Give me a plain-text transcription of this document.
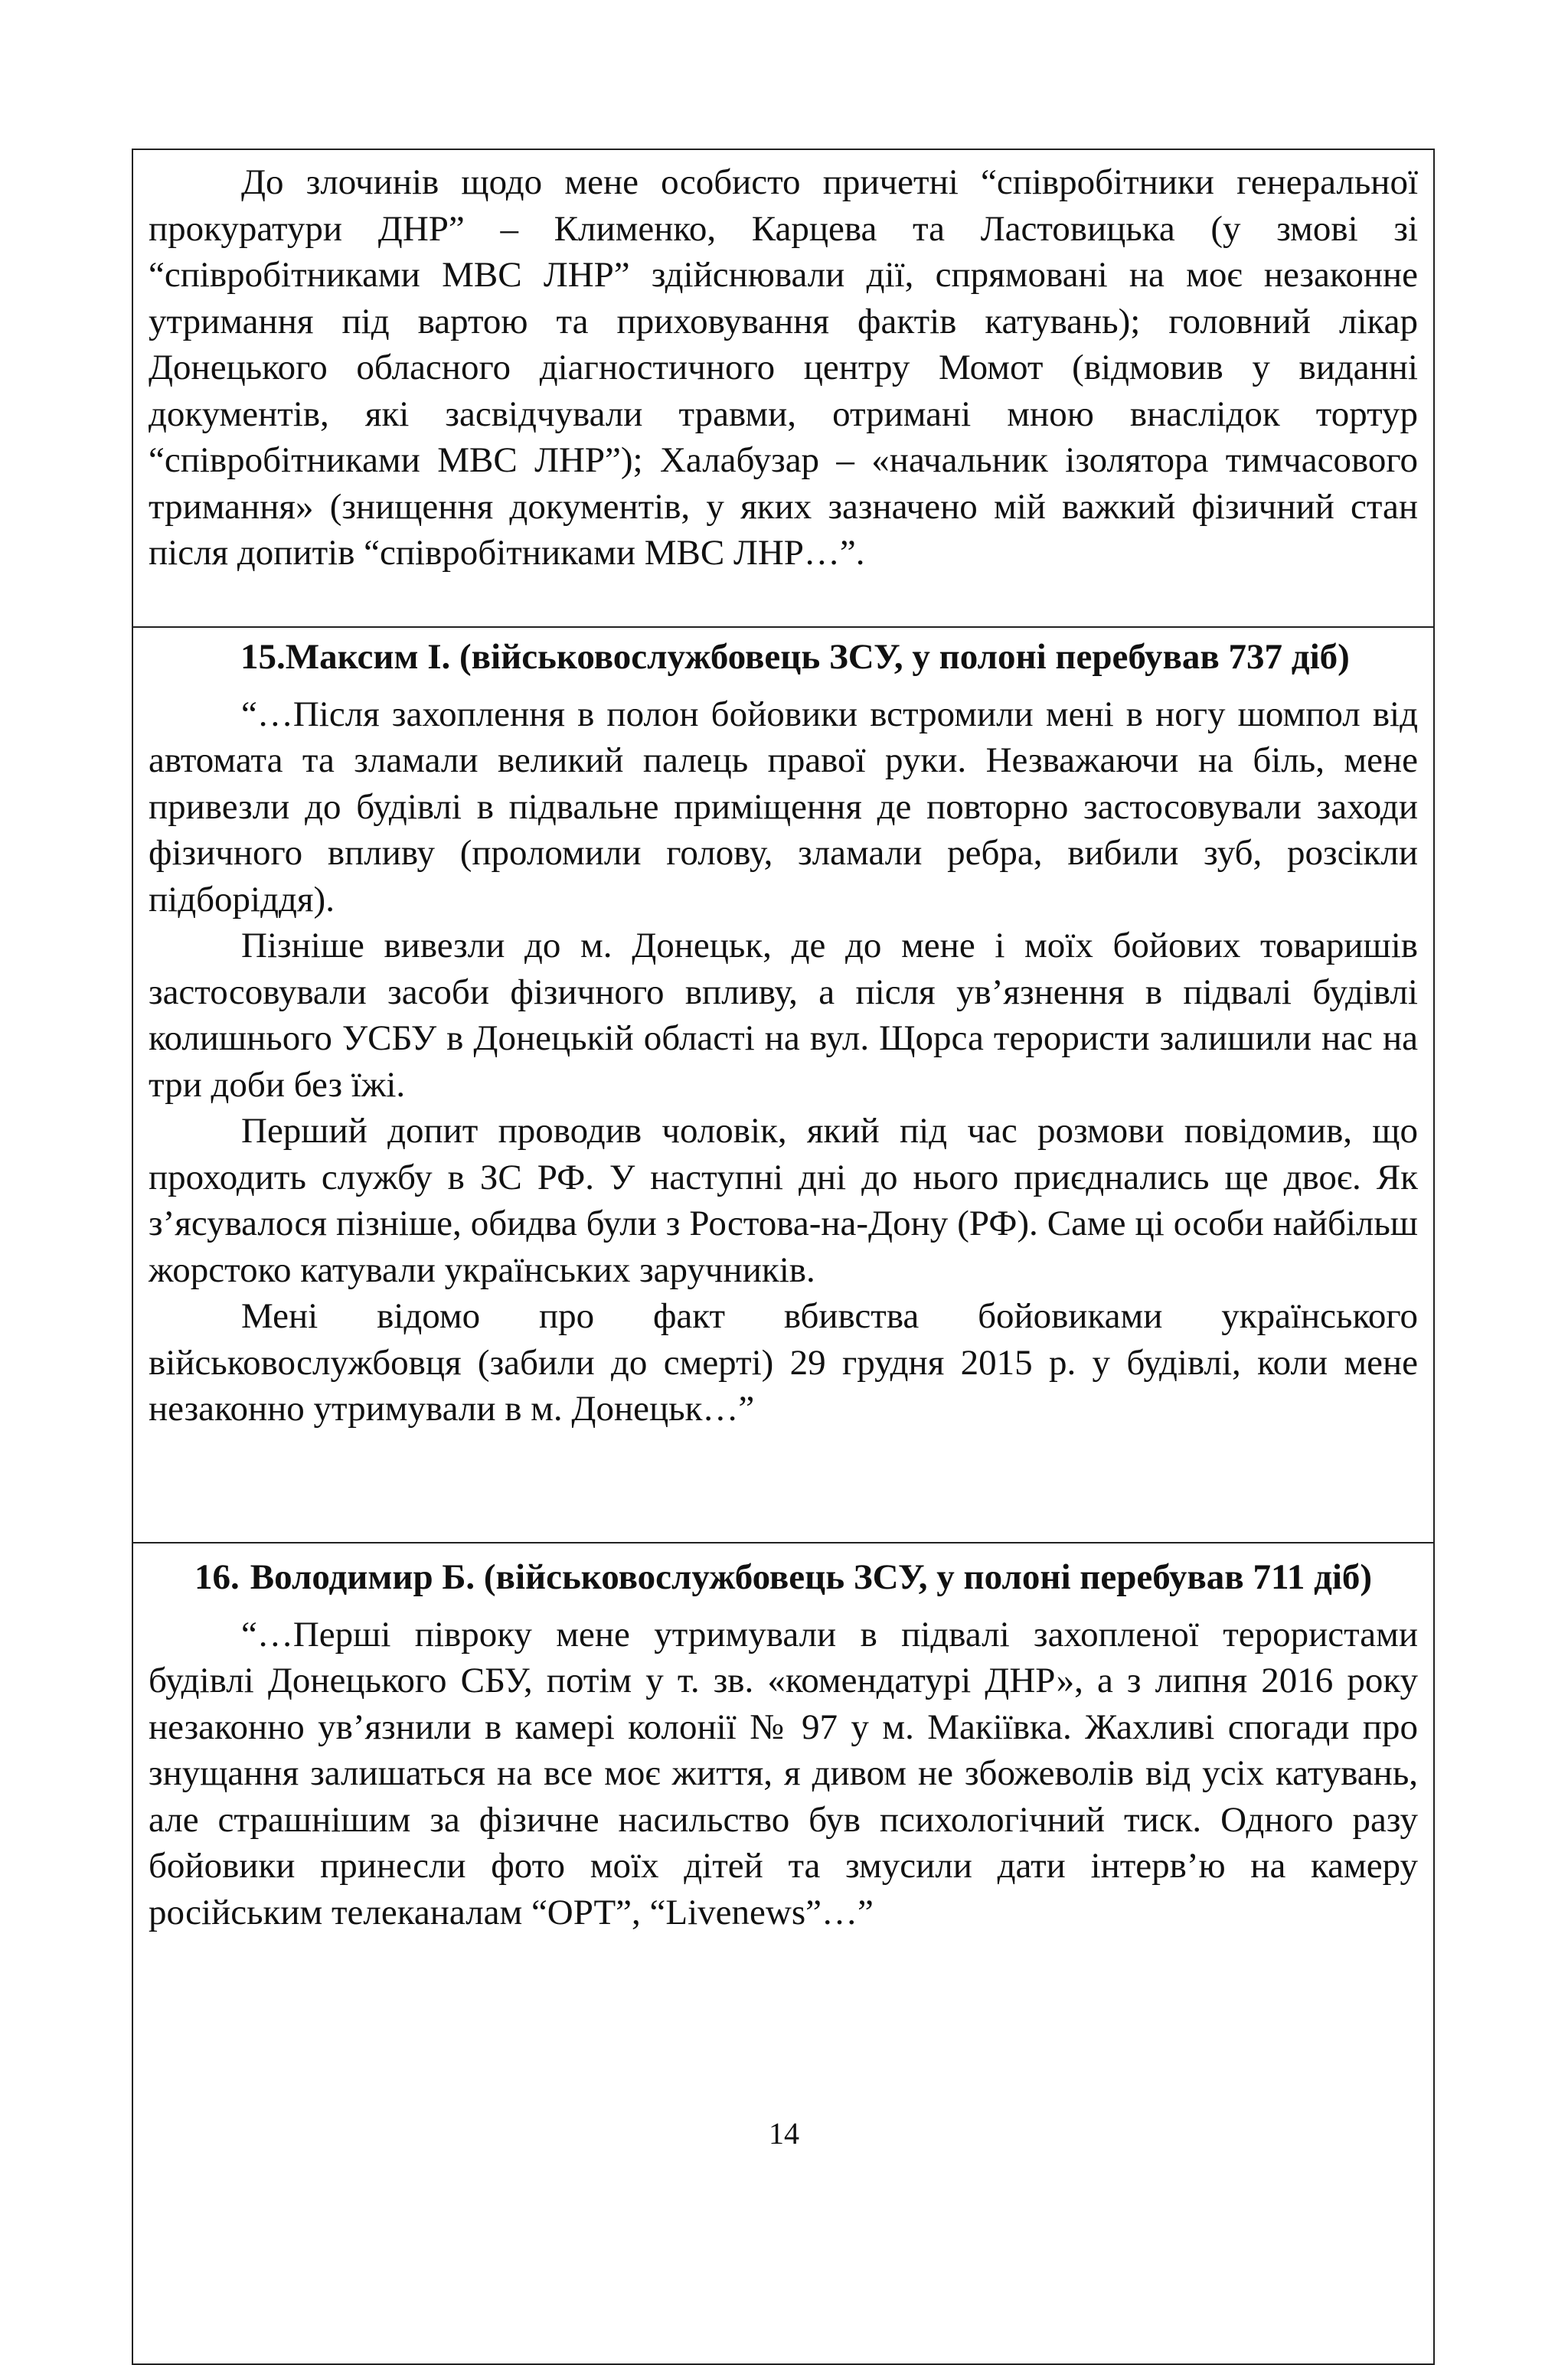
До злочинів щодо мене особисто причетні “співробітники генеральної прокуратури ДНР” – Клименко, Карцева та Ластовицька (у змові зі “співробітниками МВС ЛНР” здійснювали дії, спрямовані на моє незаконне утримання під вартою та приховування фактів катувань); головний лікар Донецького обласного діагностичного центру Момот (відмовив у виданні документів, які засвідчували травми, отримані мною внаслідок тортур “співробітниками МВС ЛНР”); Халабузар – «начальник ізолятора тимчасового тримання» (знищення документів, у яких зазначено мій важкий фізичний стан після допитів “співробітниками МВС ЛНР…”.

15.Максим І. (військовослужбовець ЗСУ, у полоні перебував 737 діб)

“…Після захоплення в полон бойовики встромили мені в ногу шомпол від автомата та зламали великий палець правої руки. Незважаючи на біль, мене привезли до будівлі в підвальне приміщення де повторно застосовували заходи фізичного впливу (проломили голову, зламали ребра, вибили зуб, розсікли підборіддя).

Пізніше вивезли до м. Донецьк, де до мене і моїх бойових товаришів застосовували засоби фізичного впливу, а після ув’язнення в підвалі будівлі колишнього УСБУ в Донецькій області на вул. Щорса терористи залишили нас на три доби без їжі.

Перший допит проводив чоловік, який під час розмови повідомив, що проходить службу в ЗС РФ. У наступні дні до нього приєднались ще двоє. Як з’ясувалося пізніше, обидва були з Ростова-на-Дону (РФ). Саме ці особи найбільш жорстоко катували українських заручників.

Мені відомо про факт вбивства бойовиками українського військовослужбовця (забили до смерті) 29 грудня 2015 р. у будівлі, коли мене незаконно утримували в м. Донецьк…”

16. Володимир Б. (військовослужбовець ЗСУ, у полоні перебував 711 діб)

“…Перші півроку мене утримували в підвалі захопленої терористами будівлі Донецького СБУ, потім у т. зв. «комендатурі ДНР», а з липня 2016 року незаконно ув’язнили в камері колонії № 97 у м. Макіївка. Жахливі спогади про знущання залишаться на все моє життя, я дивом не збожеволів від усіх катувань, але страшнішим за фізичне насильство був психологічний тиск. Одного разу бойовики принесли фото моїх дітей та змусили дати інтерв’ю на камеру російським телеканалам “ОРТ”, “Livenews”…”

14
